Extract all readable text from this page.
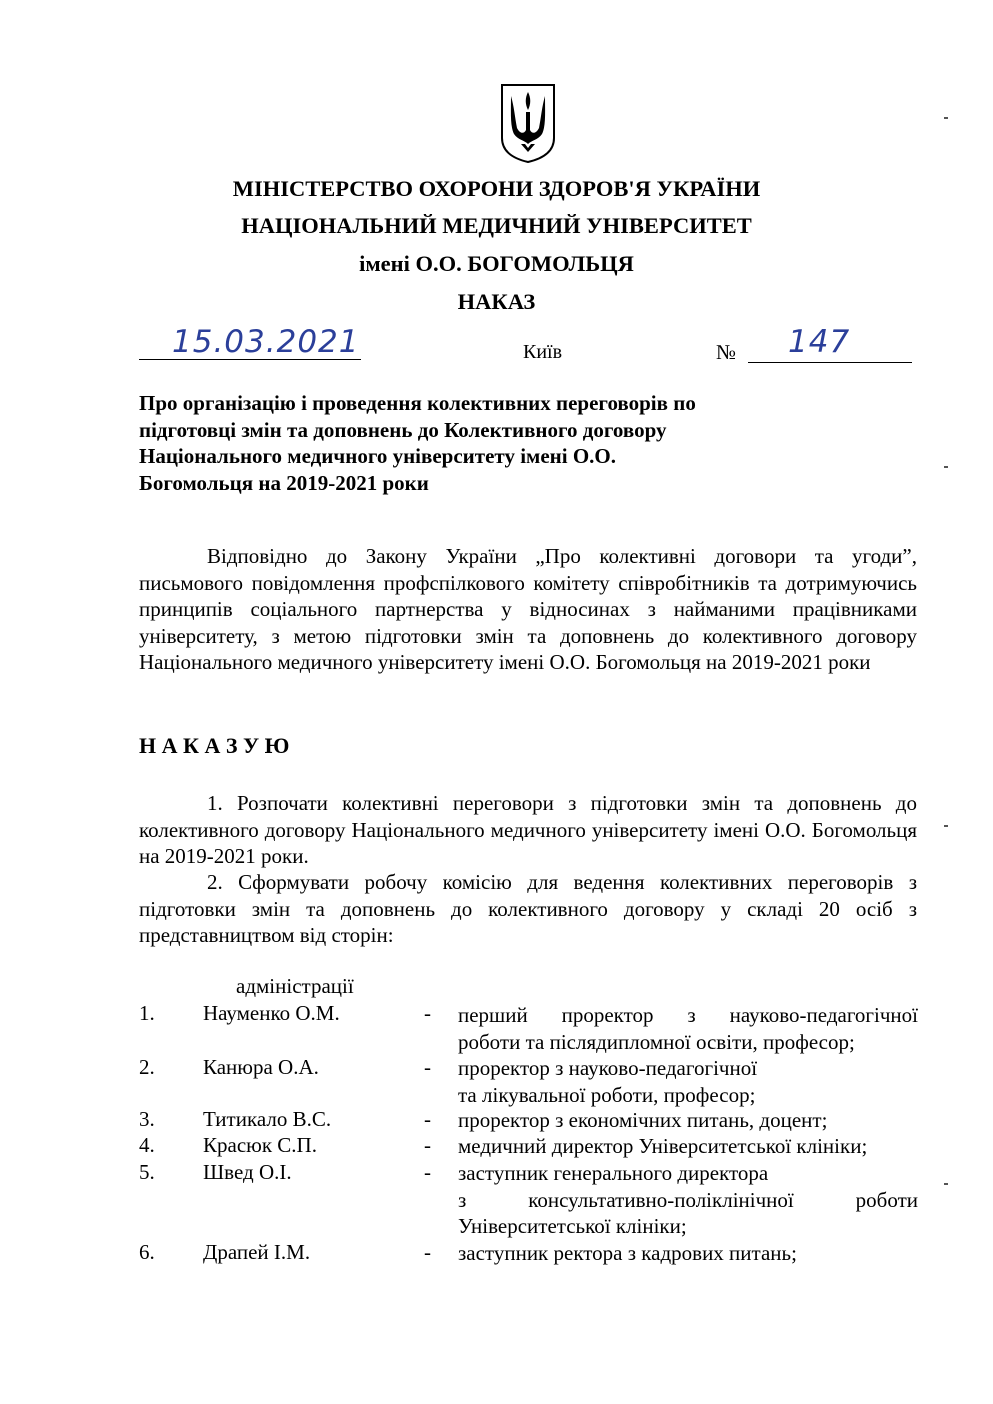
МІНІСТЕРСТВО ОХОРОНИ ЗДОРОВ'Я УКРАЇНИ
НАЦІОНАЛЬНИЙ МЕДИЧНИЙ УНІВЕРСИТЕТ
імені О.О. БОГОМОЛЬЦЯ
НАКАЗ
15.03.2021	Київ	№ 147
Про організацію і проведення колективних переговорів по підготовці змін та доповнень до Колективного договору Національного медичного університету імені О.О. Богомольця на 2019-2021 роки
Відповідно до Закону України „Про колективні договори та угоди”, письмового повідомлення профспілкового комітету співробітників та дотримуючись принципів соціального партнерства у відносинах з найманими працівниками університету, з метою підготовки змін та доповнень до колективного договору Національного медичного університету імені О.О. Богомольця на 2019-2021 роки
Н А К А З У Ю
1. Розпочати колективні переговори з підготовки змін та доповнень до колективного договору Національного медичного університету імені О.О. Богомольця на 2019-2021 роки.
2. Сформувати робочу комісію для ведення колективних переговорів з підготовки змін та доповнень до колективного договору у складі 20 осіб з представництвом від сторін:
адміністрації
1. Науменко О.М.	- перший проректор з науково-педагогічної
роботи та післядипломної освіти, професор;
2. Канюра О.А.	- проректор з науково-педагогічної
та лікувальної роботи, професор;
3. Титикало В.С.	- проректор з економічних питань, доцент;
4. Красюк С.П.	- медичний директор Університетської клініки;
5. Швед О.І.	- заступник генерального директора
з консультативно-поліклінічної роботи
Університетської клініки;
6. Драпей І.М.	- заступник ректора з кадрових питань;
